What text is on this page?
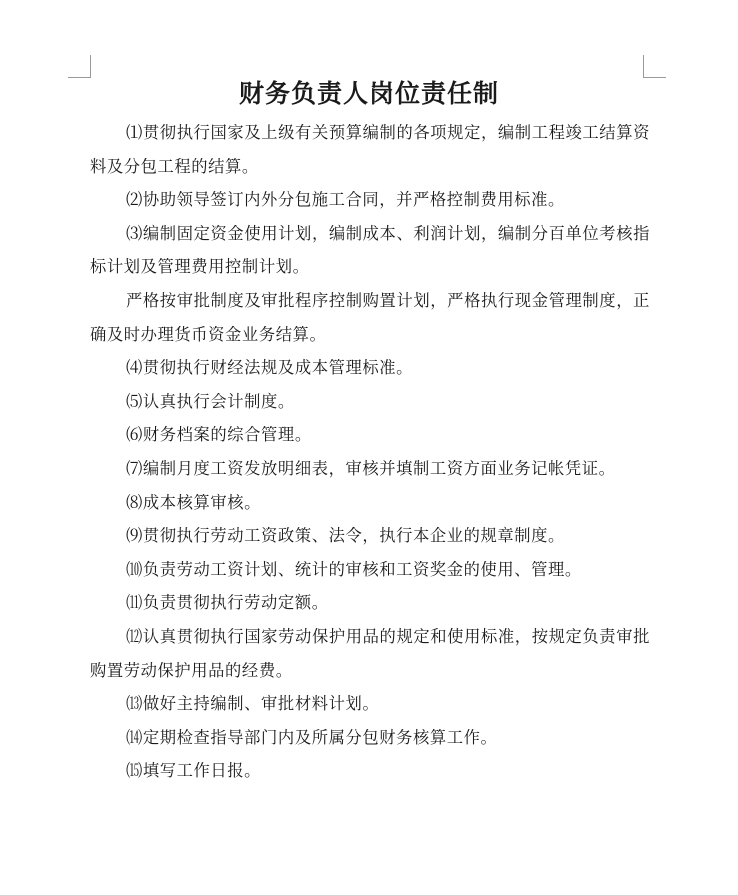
财务负责人岗位责任制

⑴贯彻执行国家及上级有关预算编制的各项规定，编制工程竣工结算资料及分包工程的结算。

⑵协助领导签订内外分包施工合同，并严格控制费用标准。

⑶编制固定资金使用计划，编制成本、利润计划，编制分百单位考核指标计划及管理费用控制计划。

严格按审批制度及审批程序控制购置计划，严格执行现金管理制度，正确及时办理货币资金业务结算。

⑷贯彻执行财经法规及成本管理标准。

⑸认真执行会计制度。

⑹财务档案的综合管理。

⑺编制月度工资发放明细表，审核并填制工资方面业务记帐凭证。

⑻成本核算审核。

⑼贯彻执行劳动工资政策、法令，执行本企业的规章制度。

⑽负责劳动工资计划、统计的审核和工资奖金的使用、管理。

⑾负责贯彻执行劳动定额。

⑿认真贯彻执行国家劳动保护用品的规定和使用标准，按规定负责审批购置劳动保护用品的经费。

⒀做好主持编制、审批材料计划。

⒁定期检查指导部门内及所属分包财务核算工作。

⒂填写工作日报。
